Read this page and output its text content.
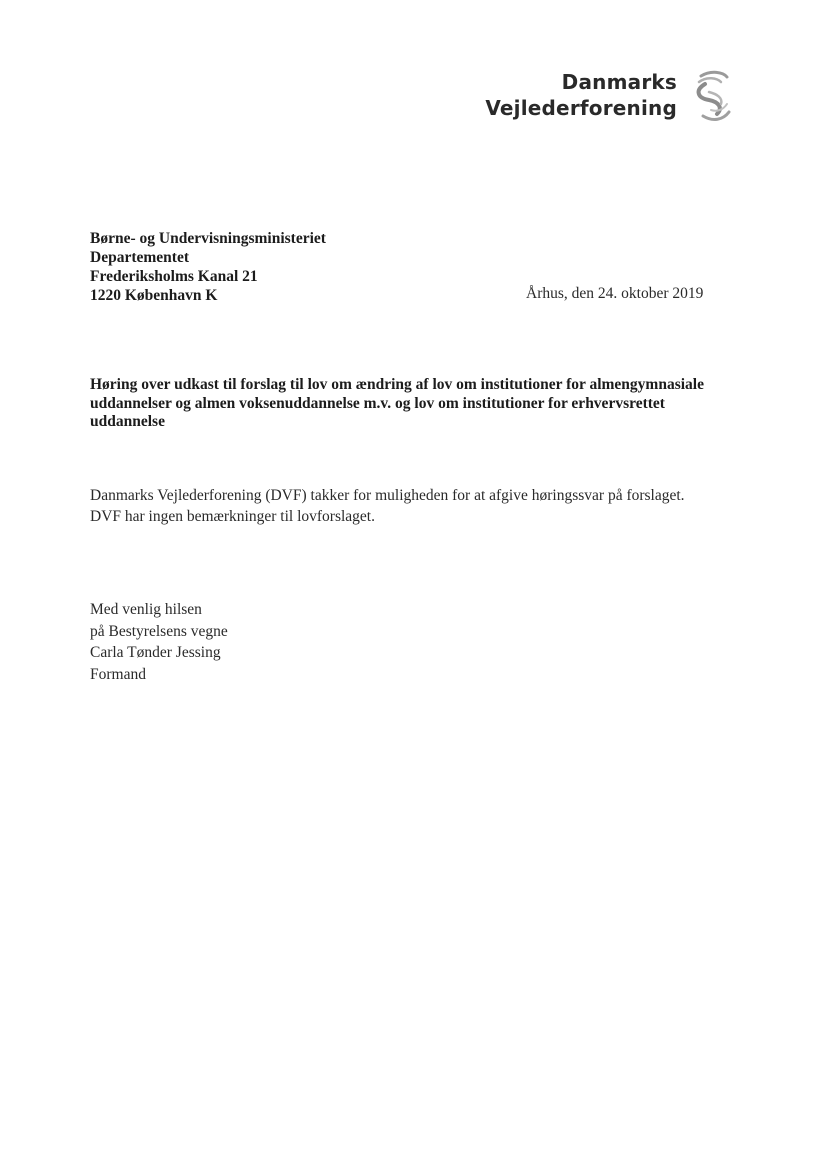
Danmarks
Vejlederforening
Børne- og Undervisningsministeriet
Departementet
Frederiksholms Kanal 21
1220 København K	Århus, den 24. oktober 2019
Høring over udkast til forslag til lov om ændring af lov om institutioner for almengymnasiale uddannelser og almen voksenuddannelse m.v. og lov om institutioner for erhvervsrettet uddannelse
Danmarks Vejlederforening (DVF) takker for muligheden for at afgive høringssvar på forslaget.
DVF har ingen bemærkninger til lovforslaget.
Med venlig hilsen
på Bestyrelsens vegne
Carla Tønder Jessing
Formand
